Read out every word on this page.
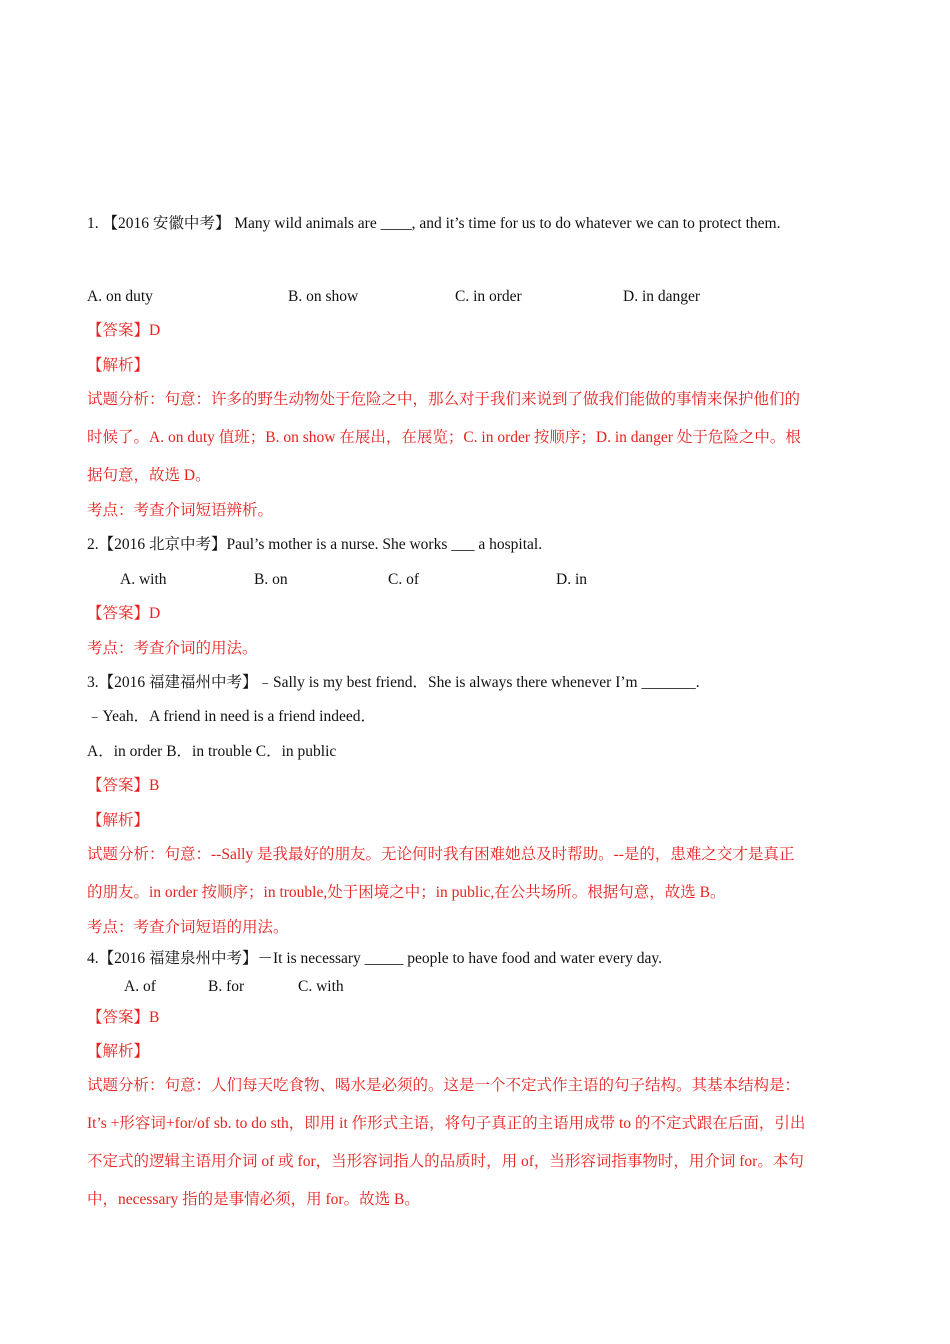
1. 【2016 安徽中考】 Many wild animals are ____, and it’s time for us to do whatever we can to protect them.
A. on duty	B. on show	C. in order	D. in danger
【答案】D
【解析】
试题分析：句意：许多的野生动物处于危险之中，那么对于我们来说到了做我们能做的事情来保护他们的
时候了。A. on duty 值班；B. on show 在展出，在展览；C. in order 按顺序；D. in danger 处于危险之中。根
据句意，故选 D。
考点：考查介词短语辨析。
2.【2016 北京中考】Paul’s mother is a nurse. She works ___ a hospital.
A. with	B. on	C. of	D. in
【答案】D
考点：考查介词的用法。
3.【2016 福建福州中考】﹣Sally is my best friend．She is always there whenever I’m _______.
﹣Yeah．A friend in need is a friend indeed．
A．in order B．in trouble C．in public
【答案】B
【解析】
试题分析：句意：--Sally 是我最好的朋友。无论何时我有困难她总及时帮助。--是的，患难之交才是真正
的朋友。in order 按顺序；in trouble,处于困境之中；in public,在公共场所。根据句意，故选 B。
考点：考查介词短语的用法。
4.【2016 福建泉州中考】－It is necessary _____ people to have food and water every day.
A. of	B. for	C. with
【答案】B
【解析】
试题分析：句意：人们每天吃食物、喝水是必须的。这是一个不定式作主语的句子结构。其基本结构是：
It’s +形容词+for/of sb. to do sth，即用 it 作形式主语，将句子真正的主语用成带 to 的不定式跟在后面，引出
不定式的逻辑主语用介词 of 或 for，当形容词指人的品质时，用 of，当形容词指事物时，用介词 for。本句
中，necessary 指的是事情必须，用 for。故选 B。
